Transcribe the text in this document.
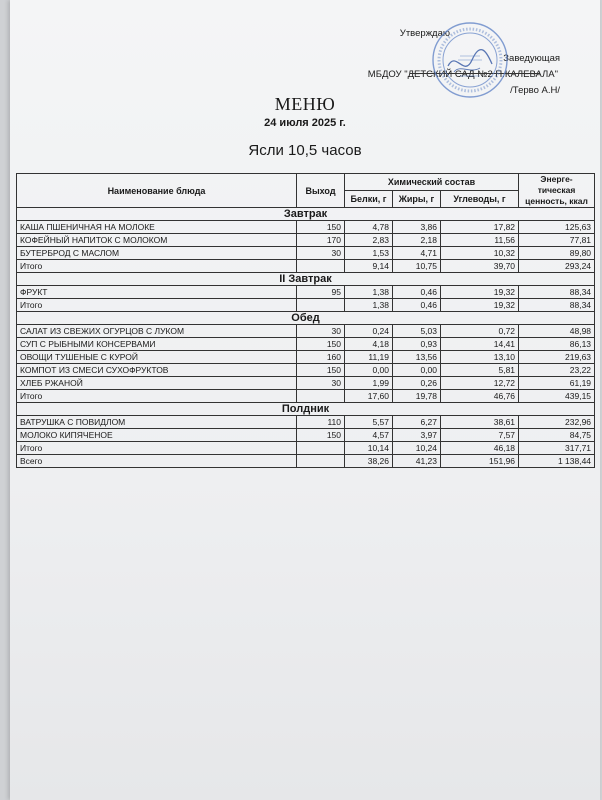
Утверждаю
Заведующая
МБДОУ "ДЕТСКИЙ САД №2 П.КАЛЕВАЛА"
/Терво А.Н/
МЕНЮ
24 июля 2025 г.
Ясли 10,5 часов
Наименование блюда	Выход	Химический состав			Энерге-тическая ценность, ккал
		Белки, г	Жиры, г	Углеводы, г	
Завтрак					
КАША ПШЕНИЧНАЯ НА МОЛОКЕ	150	4,78	3,86	17,82	125,63
КОФЕЙНЫЙ НАПИТОК С МОЛОКОМ	170	2,83	2,18	11,56	77,81
БУТЕРБРОД С МАСЛОМ	30	1,53	4,71	10,32	89,80
Итого		9,14	10,75	39,70	293,24
II Завтрак					
ФРУКТ	95	1,38	0,46	19,32	88,34
Итого		1,38	0,46	19,32	88,34
Обед					
САЛАТ ИЗ СВЕЖИХ ОГУРЦОВ С ЛУКОМ	30	0,24	5,03	0,72	48,98
СУП С РЫБНЫМИ КОНСЕРВАМИ	150	4,18	0,93	14,41	86,13
ОВОЩИ ТУШЕНЫЕ С КУРОЙ	160	11,19	13,56	13,10	219,63
КОМПОТ ИЗ СМЕСИ СУХОФРУКТОВ	150	0,00	0,00	5,81	23,22
ХЛЕБ РЖАНОЙ	30	1,99	0,26	12,72	61,19
Итого		17,60	19,78	46,76	439,15
Полдник					
ВАТРУШКА С ПОВИДЛОМ	110	5,57	6,27	38,61	232,96
МОЛОКО КИПЯЧЕНОЕ	150	4,57	3,97	7,57	84,75
Итого		10,14	10,24	46,18	317,71
Всего		38,26	41,23	151,96	1 138,44
